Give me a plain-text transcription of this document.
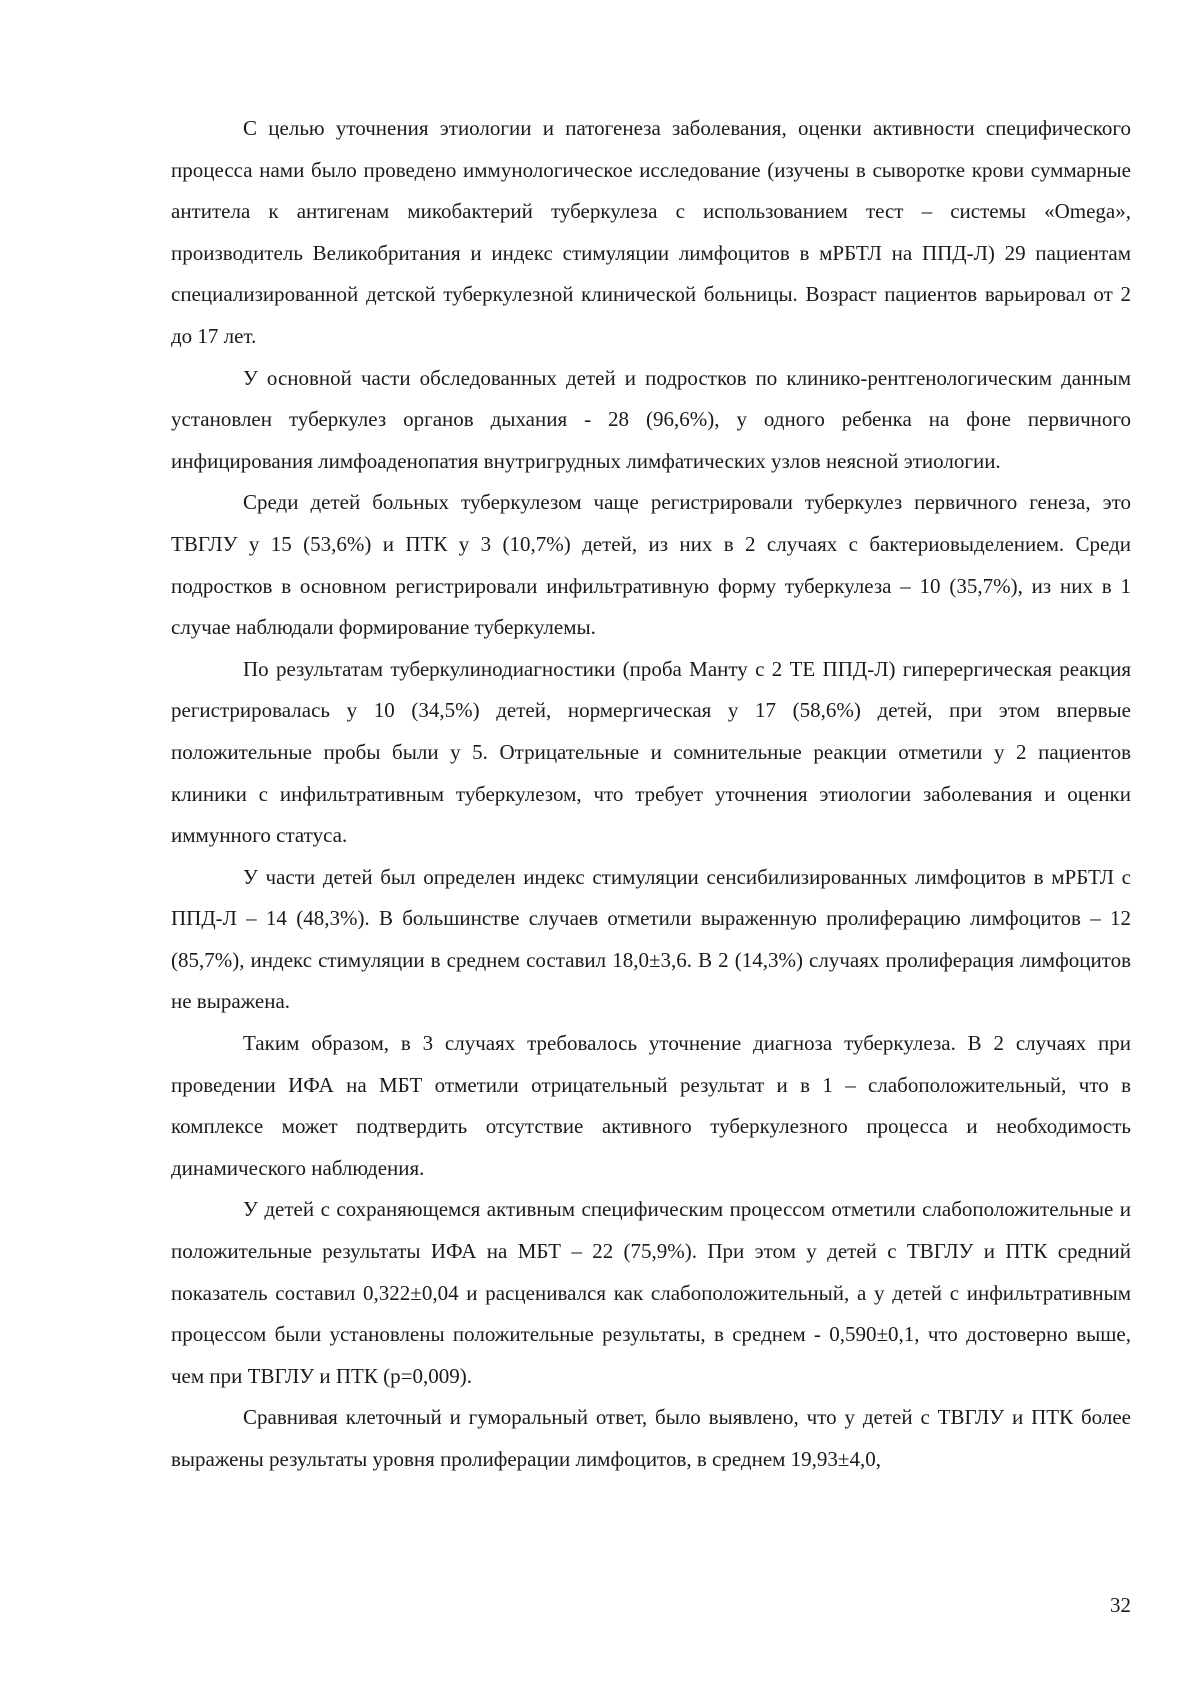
С целью уточнения этиологии и патогенеза заболевания, оценки активности специфического процесса нами было проведено иммунологическое исследование (изучены в сыворотке крови суммарные антитела к антигенам микобактерий туберкулеза с использованием тест – системы «Omega», производитель Великобритания и индекс стимуляции лимфоцитов в мРБТЛ на ППД-Л) 29 пациентам специализированной детской туберкулезной клинической больницы. Возраст пациентов варьировал от 2 до 17 лет.

У основной части обследованных детей и подростков по клинико-рентгенологическим данным установлен туберкулез органов дыхания - 28 (96,6%), у одного ребенка на фоне первичного инфицирования лимфоаденопатия внутригрудных лимфатических узлов неясной этиологии.

Среди детей больных туберкулезом чаще регистрировали туберкулез первичного генеза, это ТВГЛУ у 15 (53,6%) и ПТК у 3 (10,7%) детей, из них в 2 случаях с бактериовыделением. Среди подростков в основном регистрировали инфильтративную форму туберкулеза – 10 (35,7%), из них в 1 случае наблюдали формирование туберкулемы.

По результатам туберкулинодиагностики (проба Манту с 2 ТЕ ППД-Л) гиперергическая реакция регистрировалась у 10 (34,5%) детей, нормергическая у 17 (58,6%) детей, при этом впервые положительные пробы были у 5. Отрицательные и сомнительные реакции отметили у 2 пациентов клиники с инфильтративным туберкулезом, что требует уточнения этиологии заболевания и оценки иммунного статуса.

У части детей был определен индекс стимуляции сенсибилизированных лимфоцитов в мРБТЛ с ППД-Л – 14 (48,3%). В большинстве случаев отметили выраженную пролиферацию лимфоцитов – 12 (85,7%), индекс стимуляции в среднем составил 18,0±3,6. В 2 (14,3%) случаях пролиферация лимфоцитов не выражена.

Таким образом, в 3 случаях требовалось уточнение диагноза туберкулеза. В 2 случаях при проведении ИФА на МБТ отметили отрицательный результат и в 1 – слабоположительный, что в комплексе может подтвердить отсутствие активного туберкулезного процесса и необходимость динамического наблюдения.

У детей с сохраняющемся активным специфическим процессом отметили слабоположительные и положительные результаты ИФА на МБТ – 22 (75,9%). При этом у детей с ТВГЛУ и ПТК средний показатель составил 0,322±0,04 и расценивался как слабоположительный, а у детей с инфильтративным процессом были установлены положительные результаты, в среднем - 0,590±0,1, что достоверно выше, чем при ТВГЛУ и ПТК (p=0,009).

Сравнивая клеточный и гуморальный ответ, было выявлено, что у детей с ТВГЛУ и ПТК более выражены результаты уровня пролиферации лимфоцитов, в среднем 19,93±4,0,

32
